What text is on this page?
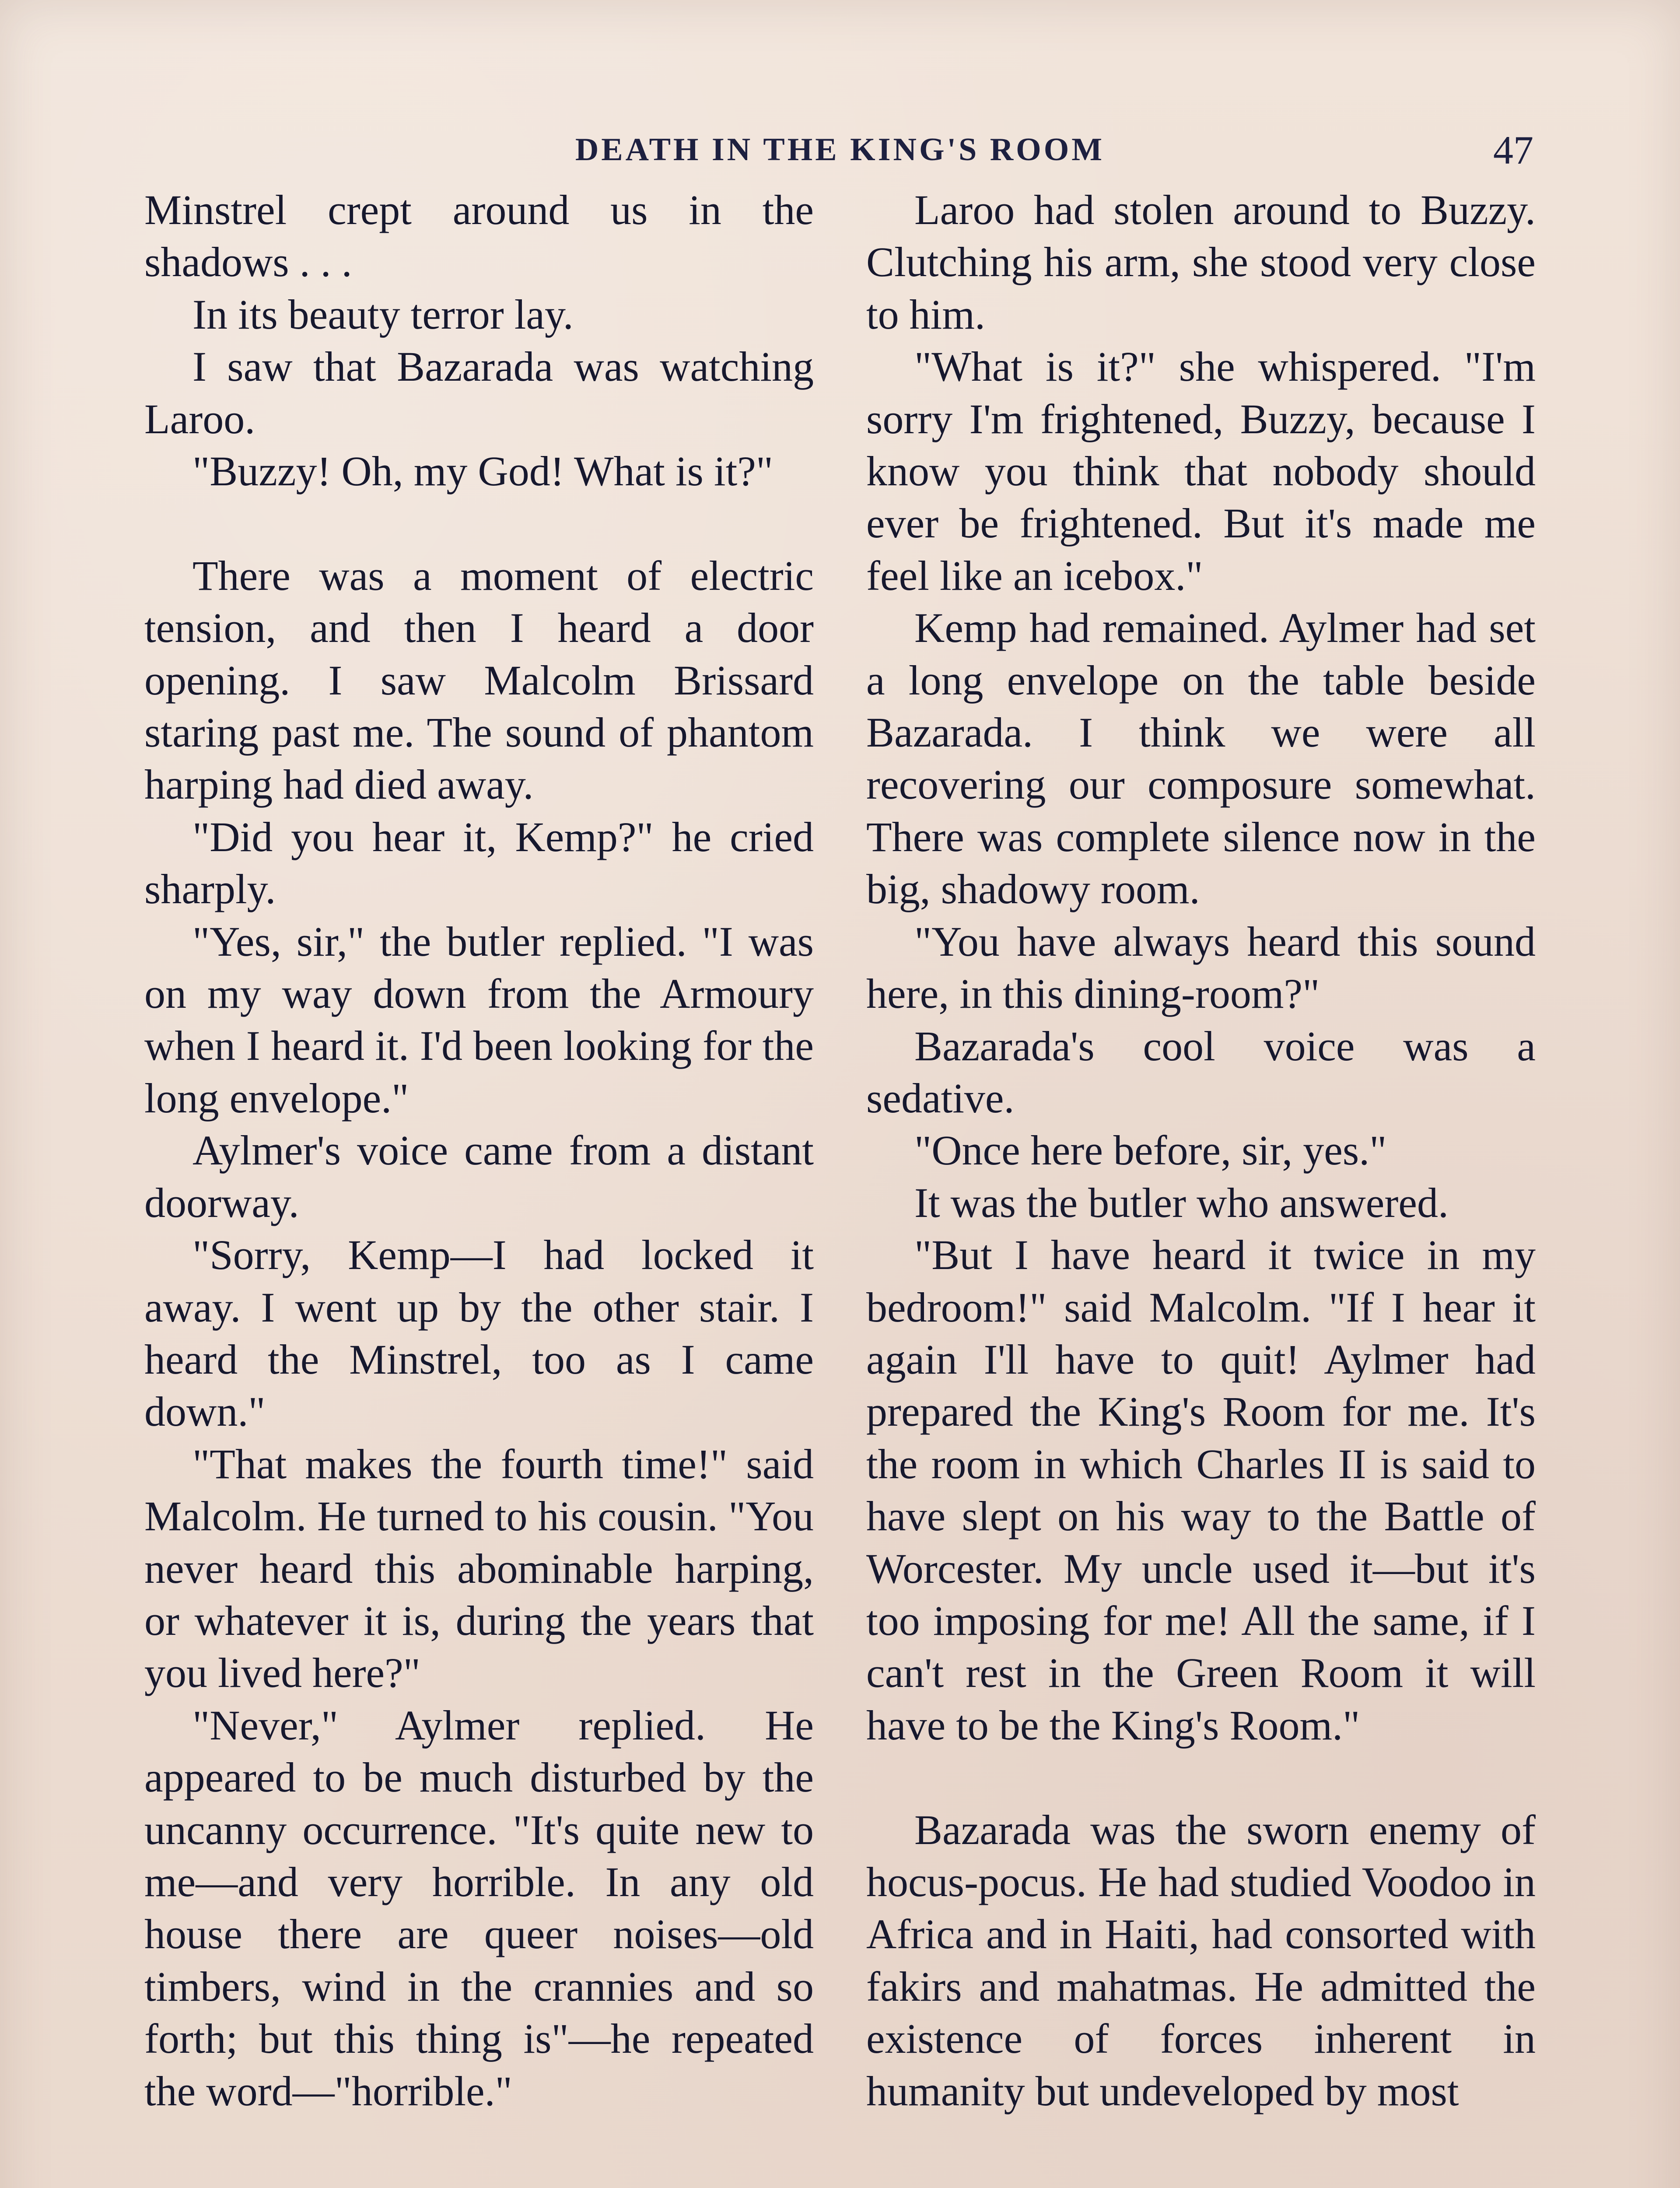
DEATH IN THE KING'S ROOM	47

Minstrel crept around us in the shadows . . .

In its beauty terror lay.

I saw that Bazarada was watching Laroo.

"Buzzy! Oh, my God! What is it?"

There was a moment of electric tension, and then I heard a door opening. I saw Malcolm Brissard staring past me. The sound of phantom harping had died away.

"Did you hear it, Kemp?" he cried sharply.

"Yes, sir," the butler replied. "I was on my way down from the Armoury when I heard it. I'd been looking for the long envelope."

Aylmer's voice came from a distant doorway.

"Sorry, Kemp—I had locked it away. I went up by the other stair. I heard the Minstrel, too as I came down."

"That makes the fourth time!" said Malcolm. He turned to his cousin. "You never heard this abominable harping, or whatever it is, during the years that you lived here?"

"Never," Aylmer replied. He appeared to be much disturbed by the uncanny occurrence. "It's quite new to me—and very horrible. In any old house there are queer noises—old timbers, wind in the crannies and so forth; but this thing is"—he repeated the word—"horrible."

Laroo had stolen around to Buzzy. Clutching his arm, she stood very close to him.

"What is it?" she whispered. "I'm sorry I'm frightened, Buzzy, because I know you think that nobody should ever be frightened. But it's made me feel like an icebox."

Kemp had remained. Aylmer had set a long envelope on the table beside Bazarada. I think we were all recovering our composure somewhat. There was complete silence now in the big, shadowy room.

"You have always heard this sound here, in this dining-room?"

Bazarada's cool voice was a sedative.

"Once here before, sir, yes."

It was the butler who answered.

"But I have heard it twice in my bedroom!" said Malcolm. "If I hear it again I'll have to quit! Aylmer had prepared the King's Room for me. It's the room in which Charles II is said to have slept on his way to the Battle of Worcester. My uncle used it—but it's too imposing for me! All the same, if I can't rest in the Green Room it will have to be the King's Room."

Bazarada was the sworn enemy of hocus-pocus. He had studied Voodoo in Africa and in Haiti, had consorted with fakirs and mahatmas. He admitted the existence of forces inherent in humanity but undeveloped by most
